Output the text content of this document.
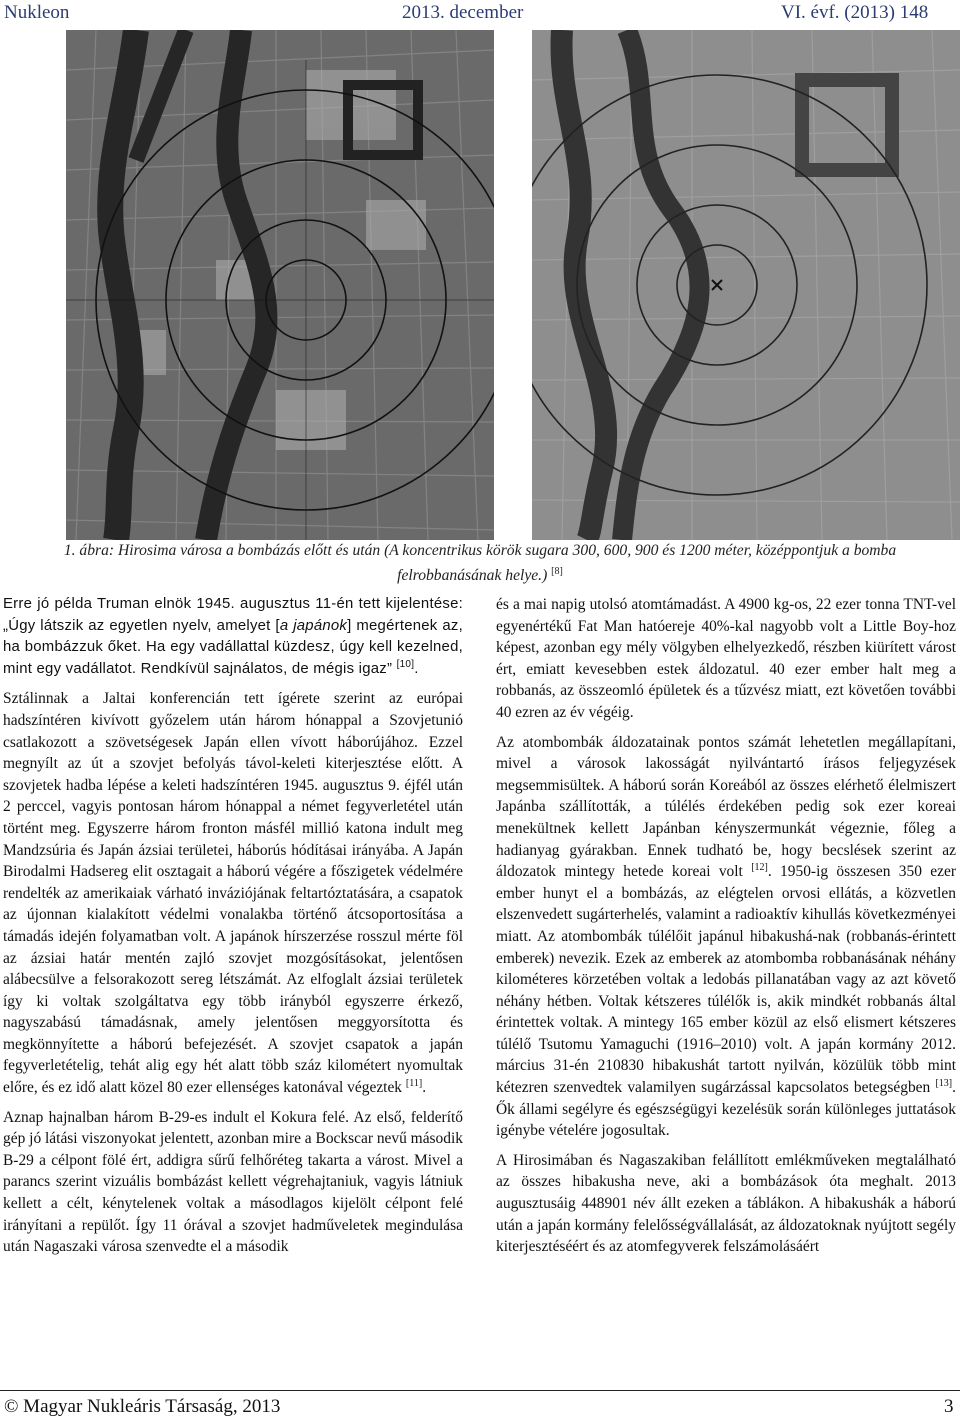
Nukleon	2013. december	VI. évf. (2013) 148
1. ábra: Hirosima városa a bombázás előtt és után (A koncentrikus körök sugara 300, 600, 900 és 1200 méter, középpontjuk a bomba
felrobbanásának helye.) [8]

Erre jó példa Truman elnök 1945. augusztus 11-én tett kijelentése: „Úgy látszik az egyetlen nyelv, amelyet [a japánok] megértenek az, ha bombázzuk őket. Ha egy vadállattal küzdesz, úgy kell kezelned, mint egy vadállatot. Rendkívül sajnálatos, de mégis igaz” [10].

Sztálinnak a Jaltai konferencián tett ígérete szerint az európai hadszíntéren kivívott győzelem után három hónappal a Szovjetunió csatlakozott a szövetségesek Japán ellen vívott háborújához. Ezzel megnyílt az út a szovjet befolyás távol-keleti kiterjesztése előtt. A szovjetek hadba lépése a keleti hadszíntéren 1945. augusztus 9. éjfél után 2 perccel, vagyis pontosan három hónappal a német fegyverletétel után történt meg. Egyszerre három fronton másfél millió katona indult meg Mandzsúria és Japán ázsiai területei, háborús hódításai irányába. A Japán Birodalmi Hadsereg elit osztagait a háború végére a főszigetek védelmére rendelték az amerikaiak várható inváziójának feltartóztatására, a csapatok az újonnan kialakított védelmi vonalakba történő átcsoportosítása a támadás idején folyamatban volt. A japánok hírszerzése rosszul mérte föl az ázsiai határ mentén zajló szovjet mozgósításokat, jelentősen alábecsülve a felsorakozott sereg létszámát. Az elfoglalt ázsiai területek így ki voltak szolgáltatva egy több irányból egyszerre érkező, nagyszabású támadásnak, amely jelentősen meggyorsította és megkönnyítette a háború befejezését. A szovjet csapatok a japán fegyverletételig, tehát alig egy hét alatt több száz kilométert nyomultak előre, és ez idő alatt közel 80 ezer ellenséges katonával végeztek [11].

Aznap hajnalban három B-29-es indult el Kokura felé. Az első, felderítő gép jó látási viszonyokat jelentett, azonban mire a Bockscar nevű második B-29 a célpont fölé ért, addigra sűrű felhőréteg takarta a várost. Mivel a parancs szerint vizuális bombázást kellett végrehajtaniuk, vagyis látniuk kellett a célt, kénytelenek voltak a másodlagos kijelölt célpont felé irányítani a repülőt. Így 11 órával a szovjet hadműveletek megindulása után Nagaszaki városa szenvedte el a második

és a mai napig utolsó atomtámadást. A 4900 kg-os, 22 ezer tonna TNT-vel egyenértékű Fat Man hatóereje 40%-kal nagyobb volt a Little Boy-hoz képest, azonban egy mély völgyben elhelyezkedő, részben kiürített várost ért, emiatt kevesebben estek áldozatul. 40 ezer ember halt meg a robbanás, az összeomló épületek és a tűzvész miatt, ezt követően további 40 ezren az év végéig.

Az atombombák áldozatainak pontos számát lehetetlen megállapítani, mivel a városok lakosságát nyilvántartó írásos feljegyzések megsemmisültek. A háború során Koreából az összes elérhető élelmiszert Japánba szállították, a túlélés érdekében pedig sok ezer koreai menekültnek kellett Japánban kényszermunkát végeznie, főleg a hadianyag gyárakban. Ennek tudható be, hogy becslések szerint az áldozatok mintegy hetede koreai volt [12]. 1950-ig összesen 350 ezer ember hunyt el a bombázás, az elégtelen orvosi ellátás, a közvetlen elszenvedett sugárterhelés, valamint a radioaktív kihullás következményei miatt. Az atombombák túlélőit japánul hibakushá-nak (robbanás-érintett emberek) nevezik. Ezek az emberek az atombomba robbanásának néhány kilométeres körzetében voltak a ledobás pillanatában vagy az azt követő néhány hétben. Voltak kétszeres túlélők is, akik mindkét robbanás által érintettek voltak. A mintegy 165 ember közül az első elismert kétszeres túlélő Tsutomu Yamaguchi (1916–2010) volt. A japán kormány 2012. március 31-én 210830 hibakushát tartott nyilván, közülük több mint kétezren szenvedtek valamilyen sugárzással kapcsolatos betegségben [13]. Ők állami segélyre és egészségügyi kezelésük során különleges juttatások igénybe vételére jogosultak.

A Hirosimában és Nagaszakiban felállított emlékműveken megtalálható az összes hibakusha neve, aki a bombázások óta meghalt. 2013 augusztusáig 448901 név állt ezeken a táblákon. A hibakushák a háború után a japán kormány felelősségvállalását, az áldozatoknak nyújtott segély kiterjesztéséért és az atomfegyverek felszámolásáért

© Magyar Nukleáris Társaság, 2013	3
